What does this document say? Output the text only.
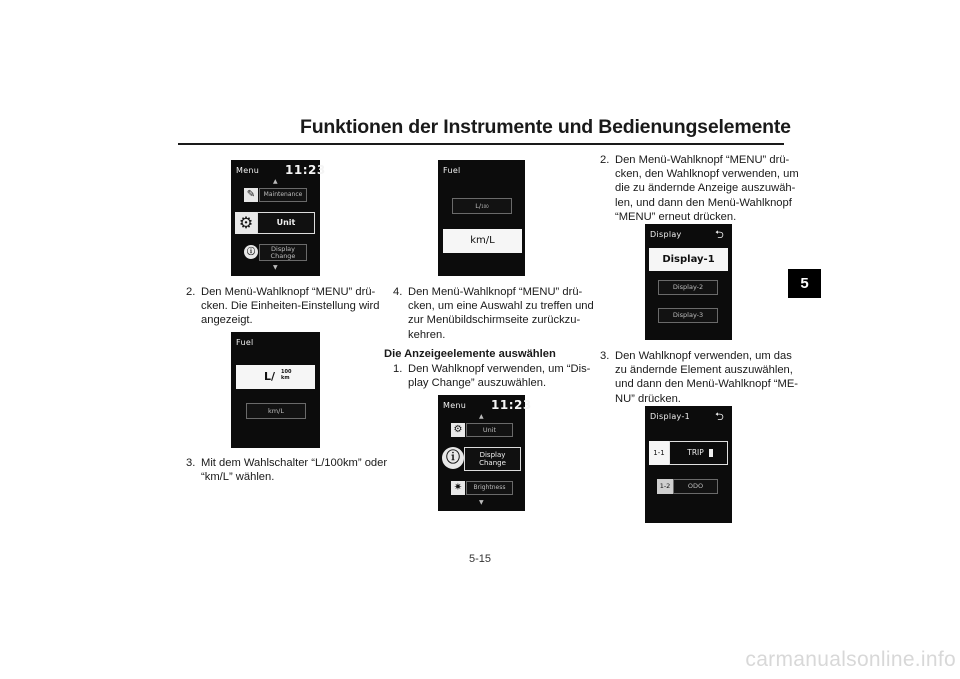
Funktionen der Instrumente und Bedienungselemente
5
Menu 11:23
▲
✎	Maintenance
⚙	Unit
ⓘ	Display
Change
▼
2. Den Menü-Wahlknopf “MENU” drü-
cken. Die Einheiten-Einstellung wird
angezeigt.
Fuel
L/ 100
km
km/L
3. Mit dem Wahlschalter “L/100km” oder
“km/L” wählen.
Fuel
L/100
km/L
4. Den Menü-Wahlknopf “MENU” drü-
cken, um eine Auswahl zu treffen und
zur Menübildschirmseite zurückzu-
kehren.
Die Anzeigeelemente auswählen
1. Den Wahlknopf verwenden, um “Dis-
play Change” auszuwählen.
Menu 11:23
▲
⚙	Unit
ⓘ	Display
Change
✷	Brightness
▼
2. Den Menü-Wahlknopf “MENU” drü-
cken, den Wahlknopf verwenden, um
die zu ändernde Anzeige auszuwäh-
len, und dann den Menü-Wahlknopf
“MENU” erneut drücken.
Display	⮌
Display-1
Display-2
Display-3
3. Den Wahlknopf verwenden, um das
zu ändernde Element auszuwählen,
und dann den Menü-Wahlknopf “ME-
NU” drücken.
Display-1 ⮌
1-1	TRIP
1-2	ODO
5-15
carmanualsonline.info
